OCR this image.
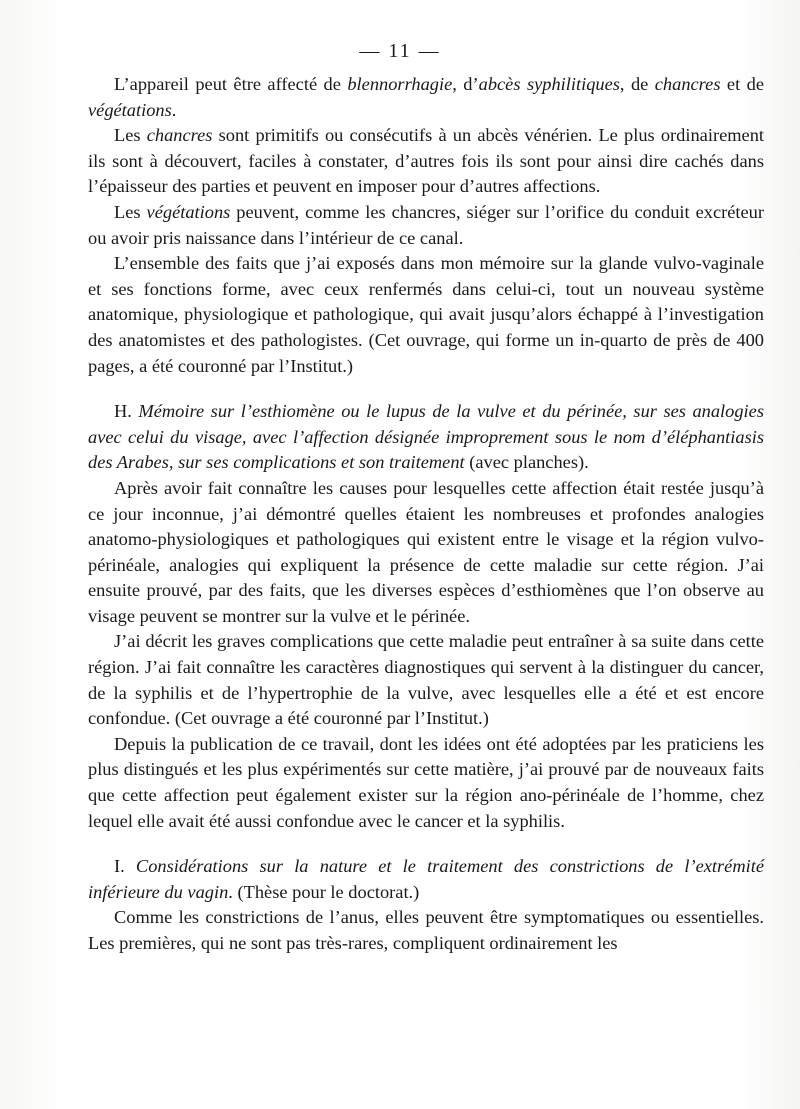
— 11 —

L’appareil peut être affecté de blennorrhagie, d’abcès syphilitiques, de chancres et de végétations.

Les chancres sont primitifs ou consécutifs à un abcès vénérien. Le plus ordinairement ils sont à découvert, faciles à constater, d’autres fois ils sont pour ainsi dire cachés dans l’épaisseur des parties et peuvent en imposer pour d’autres affections.

Les végétations peuvent, comme les chancres, siéger sur l’orifice du conduit excréteur ou avoir pris naissance dans l’intérieur de ce canal.

L’ensemble des faits que j’ai exposés dans mon mémoire sur la glande vulvo-vaginale et ses fonctions forme, avec ceux renfermés dans celui-ci, tout un nouveau système anatomique, physiologique et pathologique, qui avait jusqu’alors échappé à l’investigation des anatomistes et des pathologistes. (Cet ouvrage, qui forme un in-quarto de près de 400 pages, a été couronné par l’Institut.)

H. Mémoire sur l’esthiomène ou le lupus de la vulve et du périnée, sur ses analogies avec celui du visage, avec l’affection désignée improprement sous le nom d’éléphantiasis des Arabes, sur ses complications et son traitement (avec planches).

Après avoir fait connaître les causes pour lesquelles cette affection était restée jusqu’à ce jour inconnue, j’ai démontré quelles étaient les nombreuses et profondes analogies anatomo-physiologiques et pathologiques qui existent entre le visage et la région vulvo-périnéale, analogies qui expliquent la présence de cette maladie sur cette région. J’ai ensuite prouvé, par des faits, que les diverses espèces d’esthiomènes que l’on observe au visage peuvent se montrer sur la vulve et le périnée.

J’ai décrit les graves complications que cette maladie peut entraîner à sa suite dans cette région. J’ai fait connaître les caractères diagnostiques qui servent à la distinguer du cancer, de la syphilis et de l’hypertrophie de la vulve, avec lesquelles elle a été et est encore confondue. (Cet ouvrage a été couronné par l’Institut.)

Depuis la publication de ce travail, dont les idées ont été adoptées par les praticiens les plus distingués et les plus expérimentés sur cette matière, j’ai prouvé par de nouveaux faits que cette affection peut également exister sur la région ano-périnéale de l’homme, chez lequel elle avait été aussi confondue avec le cancer et la syphilis.

I. Considérations sur la nature et le traitement des constrictions de l’extrémité inférieure du vagin. (Thèse pour le doctorat.)

Comme les constrictions de l’anus, elles peuvent être symptomatiques ou essentielles. Les premières, qui ne sont pas très-rares, compliquent ordinairement les
